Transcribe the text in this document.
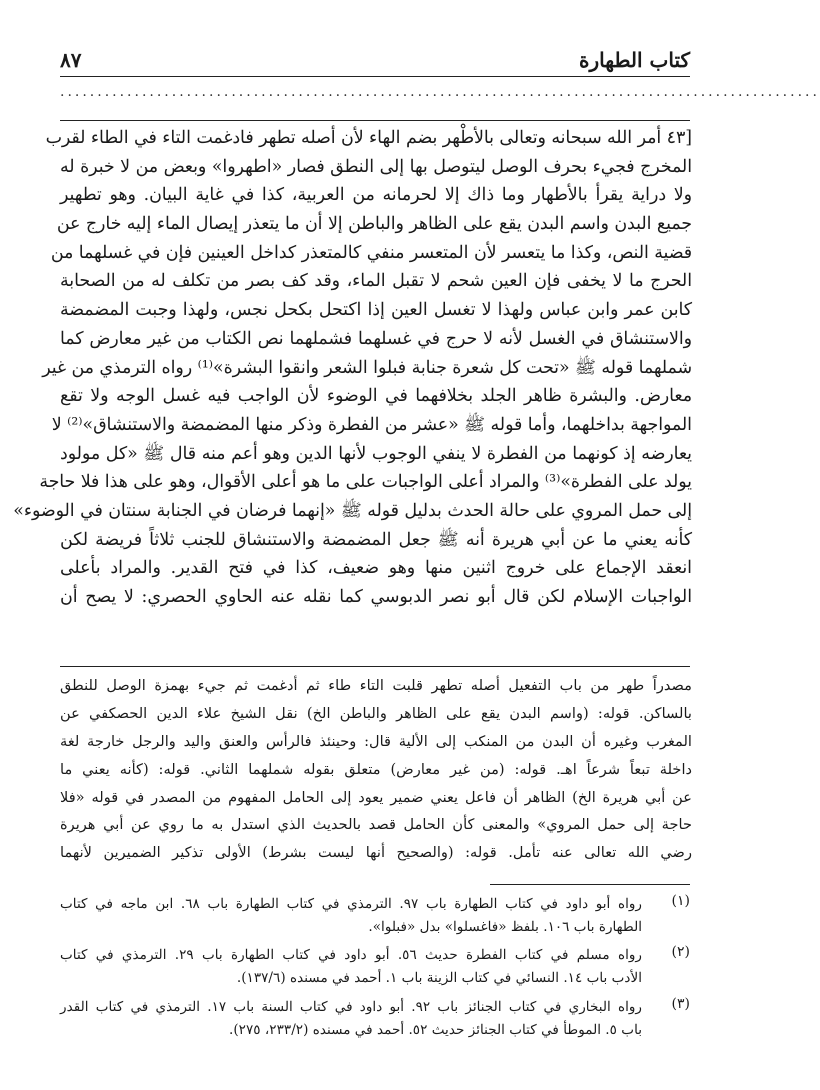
كتاب الطهارة
٨٧
......................................................................................................
[٤٣ أمر الله سبحانه وتعالى بالأطْهر بضم الهاء لأن أصله تطهر فادغمت التاء في الطاء لقرب
المخرج فجيء بحرف الوصل ليتوصل بها إلى النطق فصار «اطهروا» وبعض من لا خبرة له
ولا دراية يقرأ بالأطهار وما ذاك إلا لحرمانه من العربية، كذا في غاية البيان. وهو تطهير
جميع البدن واسم البدن يقع على الظاهر والباطن إلا أن ما يتعذر إيصال الماء إليه خارج عن
قضية النص، وكذا ما يتعسر لأن المتعسر منفي كالمتعذر كداخل العينين فإن في غسلهما من
الحرج ما لا يخفى فإن العين شحم لا تقبل الماء، وقد كف بصر من تكلف له من الصحابة
كابن عمر وابن عباس ولهذا لا تغسل العين إذا اكتحل بكحل نجس، ولهذا وجبت المضمضة
والاستنشاق في الغسل لأنه لا حرج في غسلهما فشملهما نص الكتاب من غير معارض كما
شملهما قوله ﷺ «تحت كل شعرة جنابة فبلوا الشعر وانقوا البشرة»⁽¹⁾ رواه الترمذي من غير
معارض. والبشرة ظاهر الجلد بخلافهما في الوضوء لأن الواجب فيه غسل الوجه ولا تقع
المواجهة بداخلهما، وأما قوله ﷺ «عشر من الفطرة وذكر منها المضمضة والاستنشاق»⁽²⁾ لا
يعارضه إذ كونهما من الفطرة لا ينفي الوجوب لأنها الدين وهو أعم منه قال ﷺ «كل مولود
يولد على الفطرة»⁽³⁾ والمراد أعلى الواجبات على ما هو أعلى الأقوال، وهو على هذا فلا حاجة
إلى حمل المروي على حالة الحدث بدليل قوله ﷺ «إنهما فرضان في الجنابة سنتان في الوضوء»
كأنه يعني ما عن أبي هريرة أنه ﷺ جعل المضمضة والاستنشاق للجنب ثلاثاً فريضة لكن
انعقد الإجماع على خروج اثنين منها وهو ضعيف، كذا في فتح القدير. والمراد بأعلى
الواجبات الإسلام لكن قال أبو نصر الدبوسي كما نقله عنه الحاوي الحصري: لا يصح أن
مصدراً طهر من باب التفعيل أصله تطهر قلبت التاء طاء ثم أدغمت ثم جيء بهمزة الوصل للنطق
بالساكن. قوله: (واسم البدن يقع على الظاهر والباطن الخ) نقل الشيخ علاء الدين الحصكفي عن
المغرب وغيره أن البدن من المنكب إلى الألية قال: وحينئذ فالرأس والعنق واليد والرجل خارجة لغة
داخلة تبعاً شرعاً اهـ. قوله: (من غير معارض) متعلق بقوله شملهما الثاني. قوله: (كأنه يعني ما
عن أبي هريرة الخ) الظاهر أن فاعل يعني ضمير يعود إلى الحامل المفهوم من المصدر في قوله «فلا
حاجة إلى حمل المروي» والمعنى كأن الحامل قصد بالحديث الذي استدل به ما روي عن أبي هريرة
رضي الله تعالى عنه تأمل. قوله: (والصحيح أنها ليست بشرط) الأولى تذكير الضميرين لأنهما
(١)
رواه أبو داود في كتاب الطهارة باب ٩٧. الترمذي في كتاب الطهارة باب ٦٨. ابن ماجه في كتاب
الطهارة باب ١٠٦. بلفظ «فاغسلوا» بدل «فبلوا».
(٢)
رواه مسلم في كتاب الفطرة حديث ٥٦. أبو داود في كتاب الطهارة باب ٢٩. الترمذي في كتاب
الأدب باب ١٤. النسائي في كتاب الزينة باب ١. أحمد في مسنده (١٣٧/٦).
(٣)
رواه البخاري في كتاب الجنائز باب ٩٢. أبو داود في كتاب السنة باب ١٧. الترمذي في كتاب القدر
باب ٥. الموطأ في كتاب الجنائز حديث ٥٢. أحمد في مسنده (٢٣٣/٢، ٢٧٥).
